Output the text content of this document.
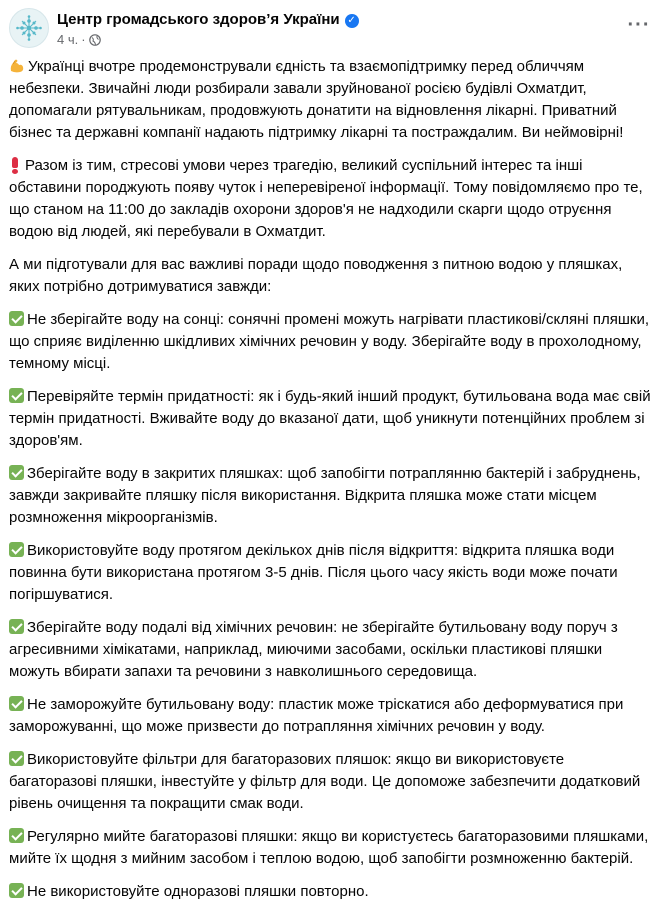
Центр громадського здоров’я України ✓
4 ч. ·
···

Українці вчотре продемонстрували єдність та взаємопідтримку перед обличчям небезпеки. Звичайні люди розбирали завали зруйнованої росією будівлі Охматдит, допомагали рятувальникам, продовжують донатити на відновлення лікарні. Приватний бізнес та державні компанії надають підтримку лікарні та постраждалим. Ви неймовірні!

Разом із тим, стресові умови через трагедію, великий суспільний інтерес та інші обставини породжують появу чуток і неперевіреної інформації. Тому повідомляємо про те, що станом на 11:00 до закладів охорони здоров'я не надходили скарги щодо отруєння водою від людей, які перебували в Охматдит.

А ми підготували для вас важливі поради щодо поводження з питною водою у пляшках, яких потрібно дотримуватися завжди:

Не зберігайте воду на сонці: сонячні промені можуть нагрівати пластикові/скляні пляшки, що сприяє виділенню шкідливих хімічних речовин у воду. Зберігайте воду в прохолодному, темному місці.

Перевіряйте термін придатності: як і будь-який інший продукт, бутильована вода має свій термін придатності. Вживайте воду до вказаної дати, щоб уникнути потенційних проблем зі здоров'ям.

Зберігайте воду в закритих пляшках: щоб запобігти потраплянню бактерій і забруднень, завжди закривайте пляшку після використання. Відкрита пляшка може стати місцем розмноження мікроорганізмів.

Використовуйте воду протягом декількох днів після відкриття: відкрита пляшка води повинна бути використана протягом 3-5 днів. Після цього часу якість води може почати погіршуватися.

Зберігайте воду подалі від хімічних речовин: не зберігайте бутильовану воду поруч з агресивними хімікатами, наприклад, миючими засобами, оскільки пластикові пляшки можуть вбирати запахи та речовини з навколишнього середовища.

Не заморожуйте бутильовану воду: пластик може тріскатися або деформуватися при заморожуванні, що може призвести до потрапляння хімічних речовин у воду.

Використовуйте фільтри для багаторазових пляшок: якщо ви використовуєте багаторазові пляшки, інвестуйте у фільтр для води. Це допоможе забезпечити додатковий рівень очищення та покращити смак води.

Регулярно мийте багаторазові пляшки: якщо ви користуєтесь багаторазовими пляшками, мийте їх щодня з мийним засобом і теплою водою, щоб запобігти розмноженню бактерій.

Не використовуйте одноразові пляшки повторно.
